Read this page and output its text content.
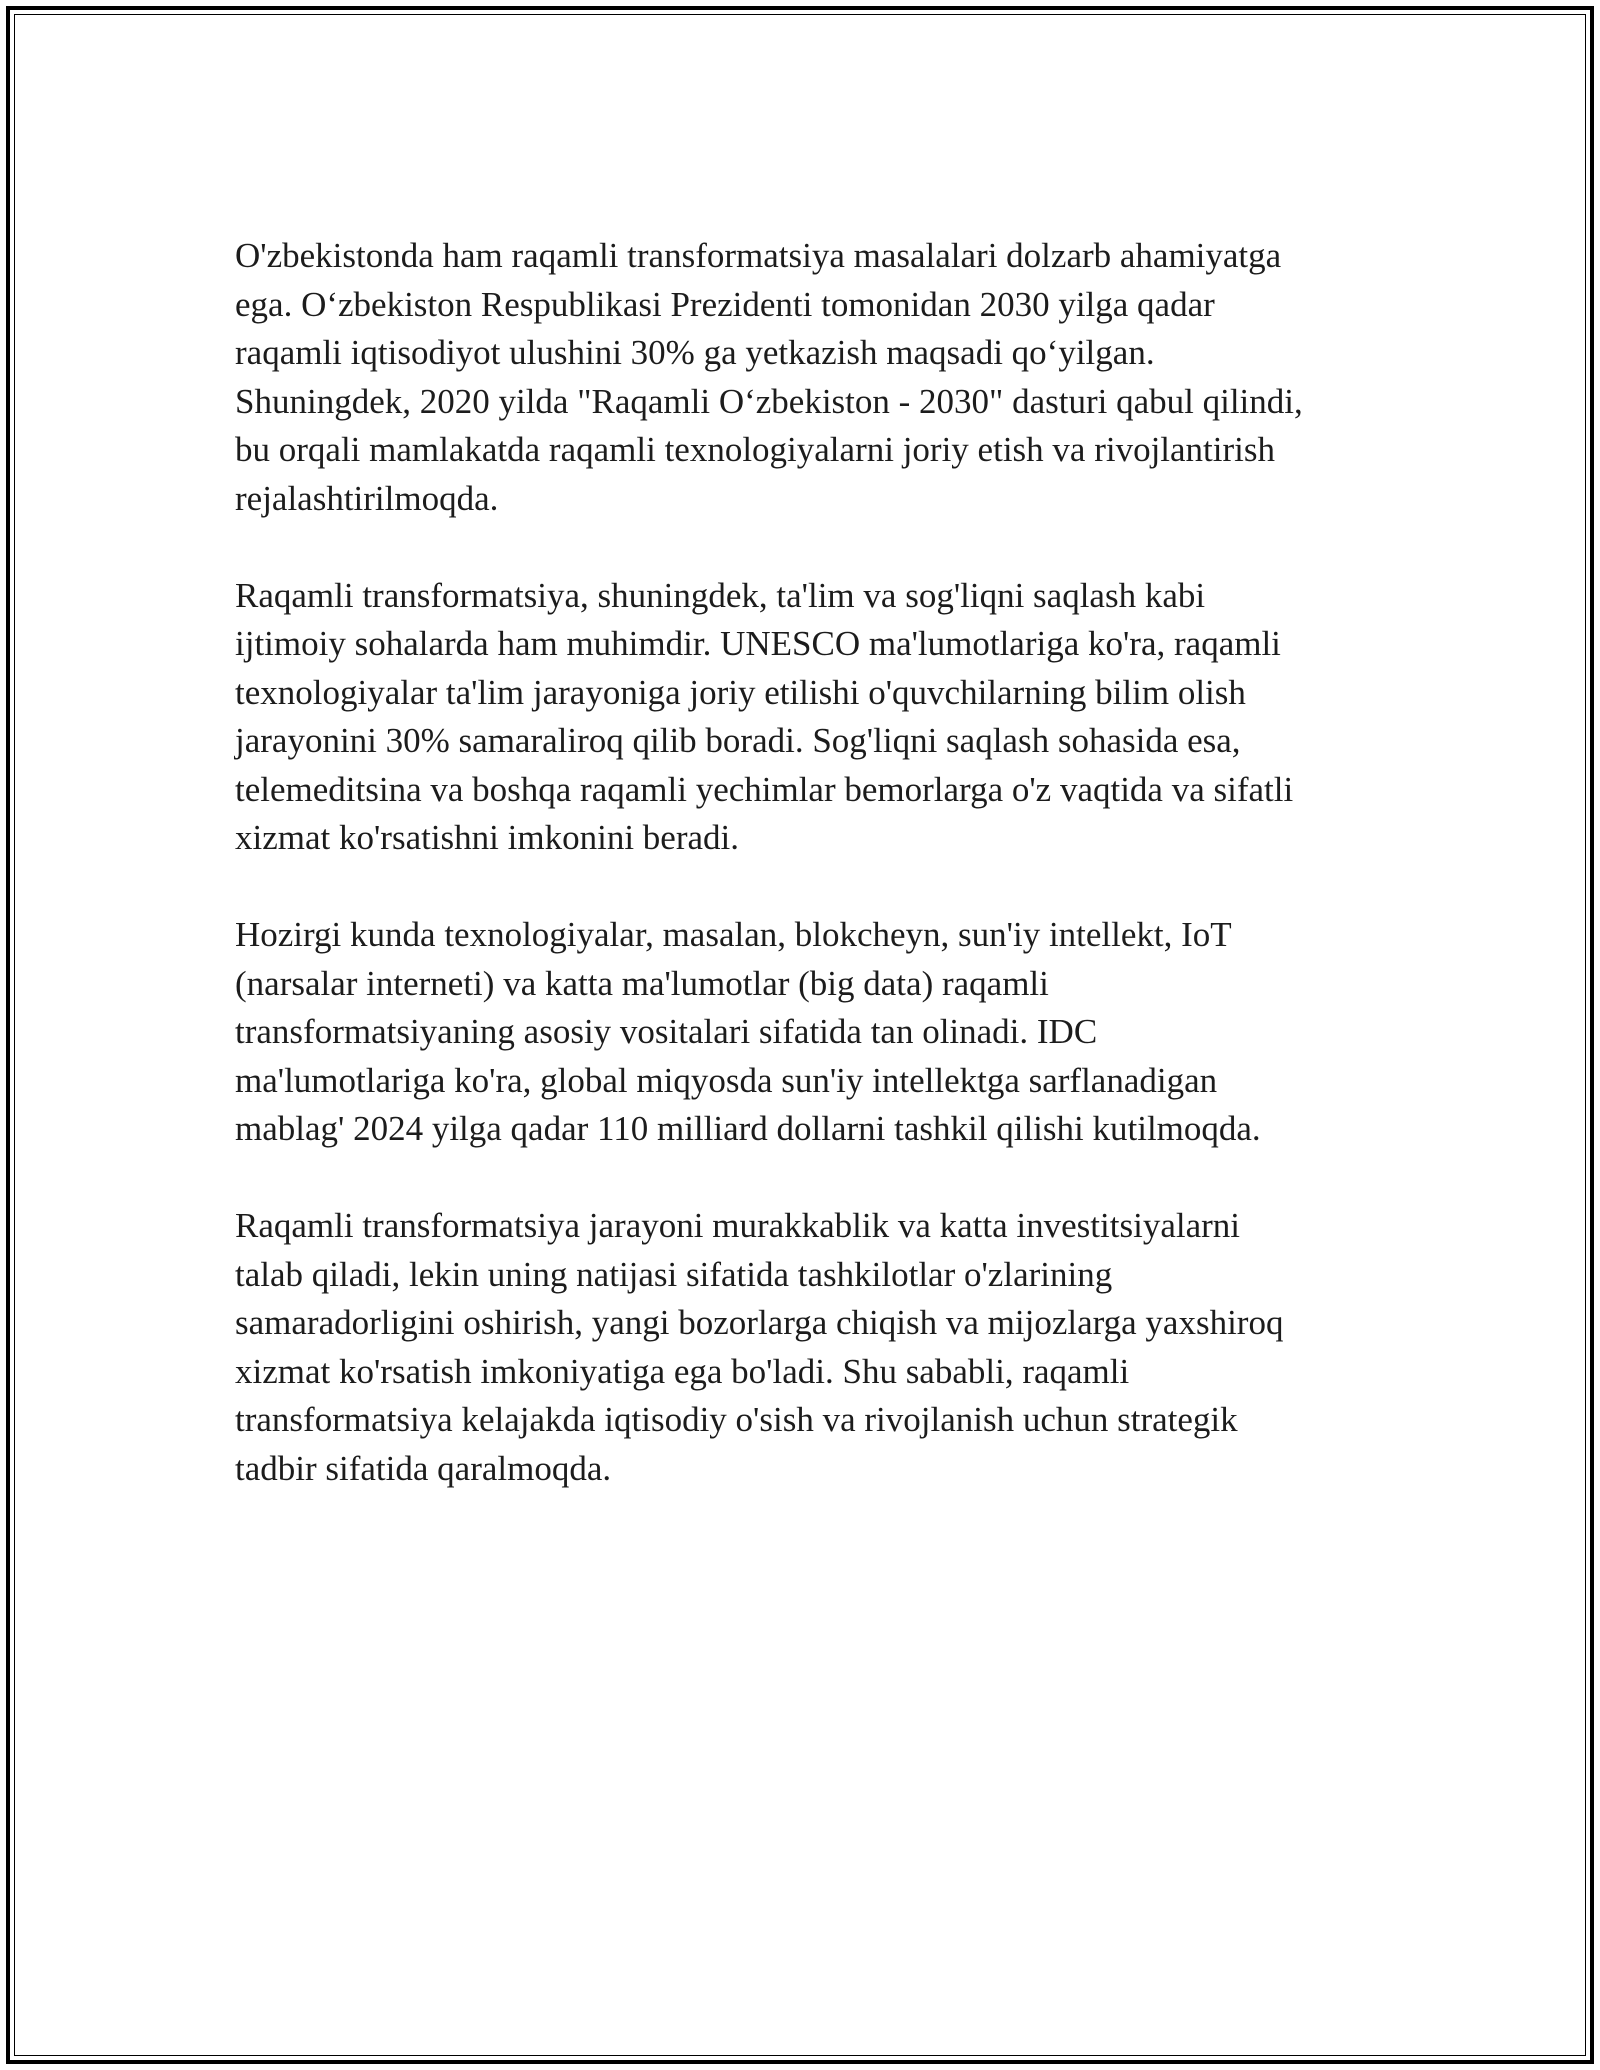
O'zbekistonda ham raqamli transformatsiya masalalari dolzarb ahamiyatga
ega. Oʻzbekiston Respublikasi Prezidenti tomonidan 2030 yilga qadar
raqamli iqtisodiyot ulushini 30% ga yetkazish maqsadi qoʻyilgan.
Shuningdek, 2020 yilda "Raqamli Oʻzbekiston - 2030" dasturi qabul qilindi,
bu orqali mamlakatda raqamli texnologiyalarni joriy etish va rivojlantirish
rejalashtirilmoqda.
Raqamli transformatsiya, shuningdek, ta'lim va sog'liqni saqlash kabi
ijtimoiy sohalarda ham muhimdir. UNESCO ma'lumotlariga ko'ra, raqamli
texnologiyalar ta'lim jarayoniga joriy etilishi o'quvchilarning bilim olish
jarayonini 30% samaraliroq qilib boradi. Sog'liqni saqlash sohasida esa,
telemeditsina va boshqa raqamli yechimlar bemorlarga o'z vaqtida va sifatli
xizmat ko'rsatishni imkonini beradi.
Hozirgi kunda texnologiyalar, masalan, blokcheyn, sun'iy intellekt, IoT
(narsalar interneti) va katta ma'lumotlar (big data) raqamli
transformatsiyaning asosiy vositalari sifatida tan olinadi. IDC
ma'lumotlariga ko'ra, global miqyosda sun'iy intellektga sarflanadigan
mablag' 2024 yilga qadar 110 milliard dollarni tashkil qilishi kutilmoqda.
Raqamli transformatsiya jarayoni murakkablik va katta investitsiyalarni
talab qiladi, lekin uning natijasi sifatida tashkilotlar o'zlarining
samaradorligini oshirish, yangi bozorlarga chiqish va mijozlarga yaxshiroq
xizmat ko'rsatish imkoniyatiga ega bo'ladi. Shu sababli, raqamli
transformatsiya kelajakda iqtisodiy o'sish va rivojlanish uchun strategik
tadbir sifatida qaralmoqda.
